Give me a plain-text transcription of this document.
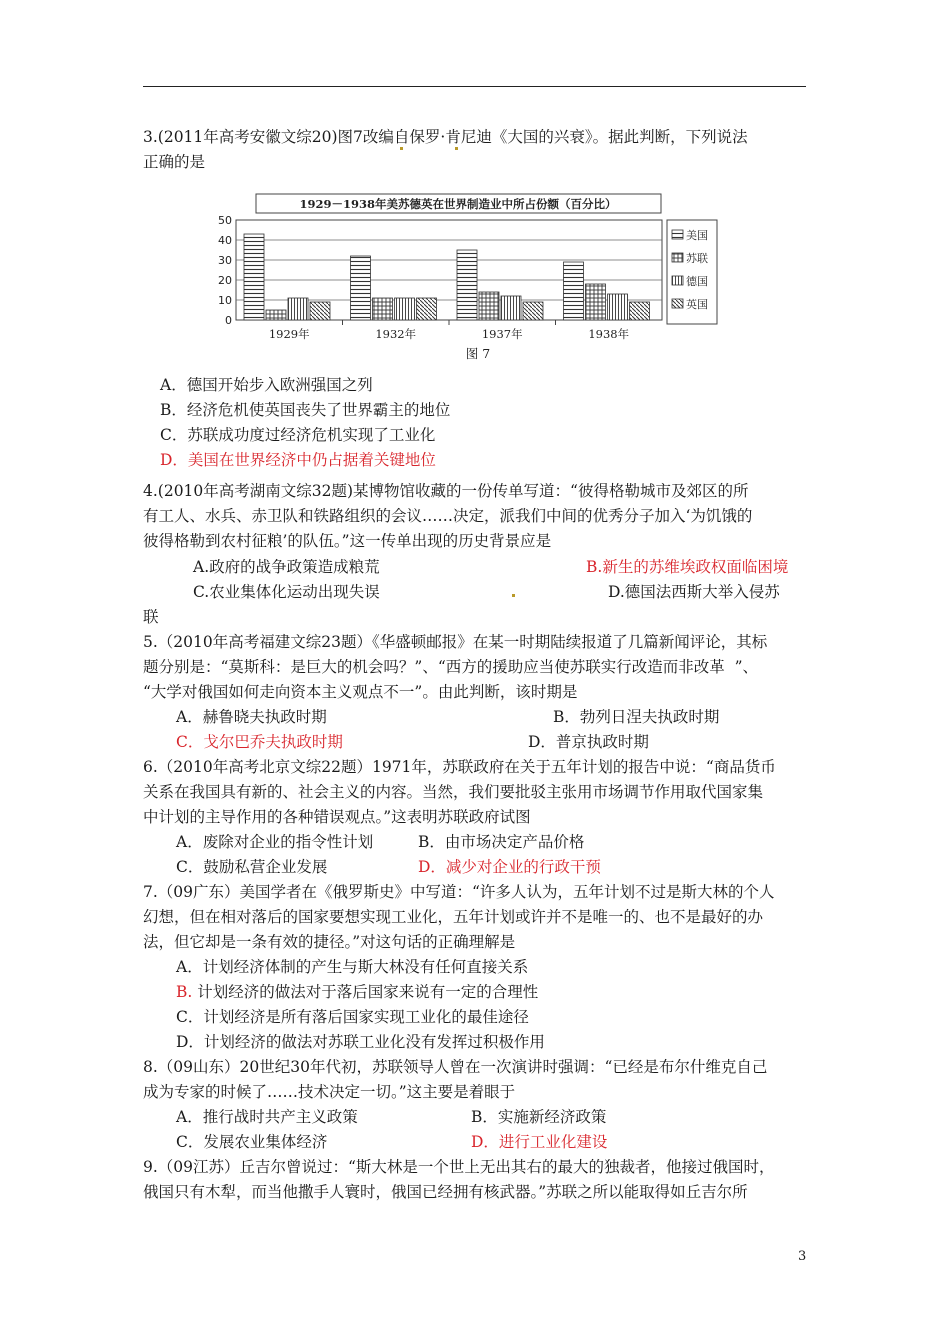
3.(2011年高考安徽文综20)图7改编自保罗·肯尼迪《大国的兴衰》。据此判断，下列说法
正确的是
1929－1938年美苏德英在世界制造业中所占份额（百分比）
0
10
20
30
40
50
1929年	1932年	1937年	1938年
美国
苏联
德国
英国
图 7
A．德国开始步入欧洲强国之列
B．经济危机使英国丧失了世界霸主的地位
C．苏联成功度过经济危机实现了工业化
D．美国在世界经济中仍占据着关键地位
4.(2010年高考湖南文综32题)某博物馆收藏的一份传单写道：“彼得格勒城市及郊区的所
有工人、水兵、赤卫队和铁路组织的会议……决定，派我们中间的优秀分子加入‘为饥饿的
彼得格勒到农村征粮’的队伍。”这一传单出现的历史背景应是
A.政府的战争政策造成粮荒	B.新生的苏维埃政权面临困境
C.农业集体化运动出现失误	D.德国法西斯大举入侵苏
联
5.（2010年高考福建文综23题）《华盛顿邮报》在某一时期陆续报道了几篇新闻评论，其标
题分别是：“莫斯科：是巨大的机会吗？”、“西方的援助应当使苏联实行改造而非改革  ”、
“大学对俄国如何走向资本主义观点不一”。由此判断，该时期是
A．赫鲁晓夫执政时期	B．勃列日涅夫执政时期
C．戈尔巴乔夫执政时期	D．普京执政时期
6.（2010年高考北京文综22题）1971年，苏联政府在关于五年计划的报告中说：“商品货币
关系在我国具有新的、社会主义的内容。当然，我们要批驳主张用市场调节作用取代国家集
中计划的主导作用的各种错误观点。”这表明苏联政府试图
A．废除对企业的指令性计划	B．由市场决定产品价格
C．鼓励私营企业发展	D．减少对企业的行政干预
7.（09广东）美国学者在《俄罗斯史》中写道：“许多人认为，五年计划不过是斯大林的个人
幻想，但在相对落后的国家要想实现工业化，五年计划或许并不是唯一的、也不是最好的办
法，但它却是一条有效的捷径。”对这句话的正确理解是
A．计划经济体制的产生与斯大林没有任何直接关系
B. 计划经济的做法对于落后国家来说有一定的合理性
C．计划经济是所有落后国家实现工业化的最佳途径
D．计划经济的做法对苏联工业化没有发挥过积极作用
8.（09山东）20世纪30年代初，苏联领导人曾在一次演讲时强调：“已经是布尔什维克自己
成为专家的时候了……技术决定一切。”这主要是着眼于
A．推行战时共产主义政策	B．实施新经济政策
C．发展农业集体经济	D．进行工业化建设
9.（09江苏）丘吉尔曾说过：“斯大林是一个世上无出其右的最大的独裁者，他接过俄国时，
俄国只有木犁，而当他撒手人寰时，俄国已经拥有核武器。”苏联之所以能取得如丘吉尔所
3
